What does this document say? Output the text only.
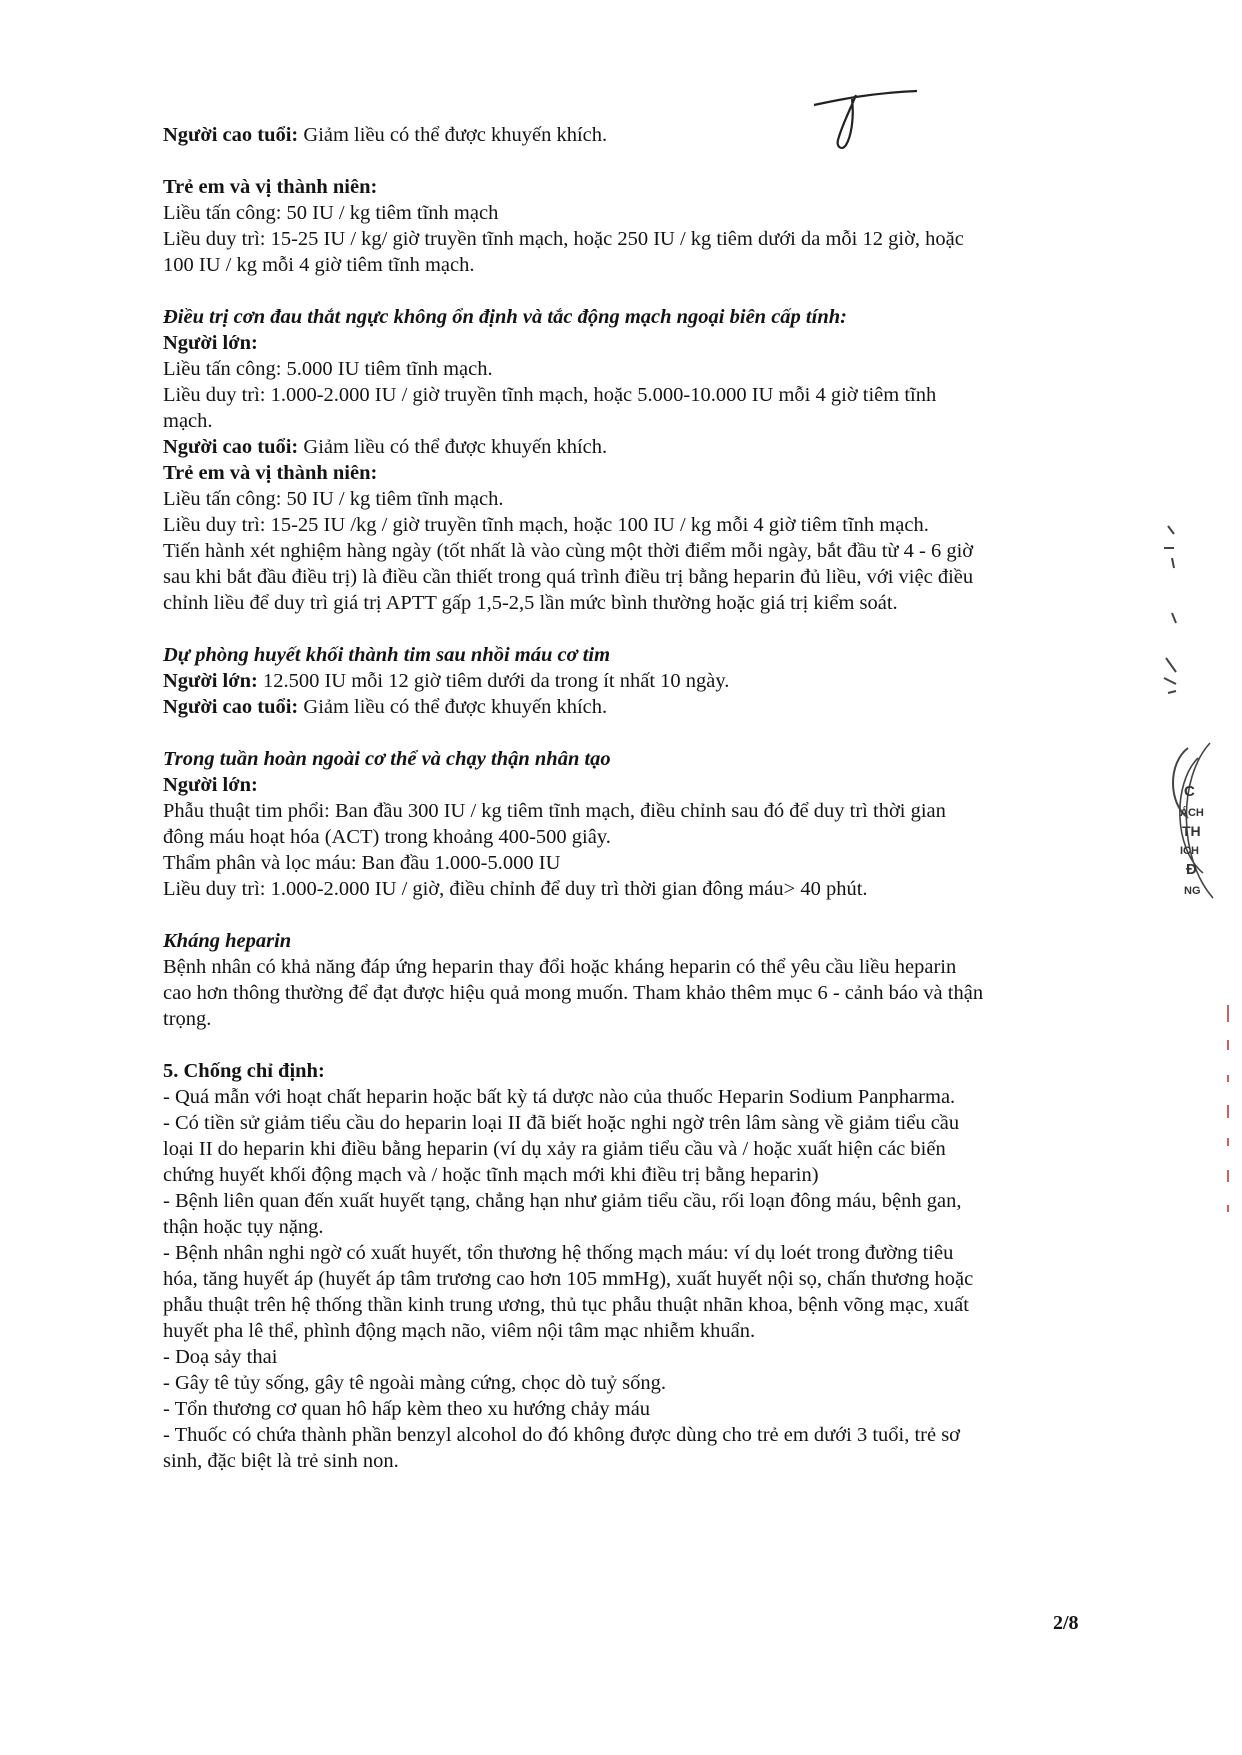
Người cao tuổi: Giảm liều có thể được khuyến khích.

Trẻ em và vị thành niên:

Liều tấn công: 50 IU / kg tiêm tĩnh mạch

Liều duy trì: 15-25 IU / kg/ giờ truyền tĩnh mạch, hoặc 250 IU / kg tiêm dưới da mỗi 12 giờ, hoặc

100 IU / kg mỗi 4 giờ tiêm tĩnh mạch.

Điều trị cơn đau thắt ngực không ổn định và tắc động mạch ngoại biên cấp tính:

Người lớn:

Liều tấn công: 5.000 IU tiêm tĩnh mạch.

Liều duy trì: 1.000-2.000 IU / giờ truyền tĩnh mạch, hoặc 5.000-10.000 IU mỗi 4 giờ tiêm tĩnh

mạch.

Người cao tuổi: Giảm liều có thể được khuyến khích.

Trẻ em và vị thành niên:

Liều tấn công: 50 IU / kg tiêm tĩnh mạch.

Liều duy trì: 15-25 IU /kg / giờ truyền tĩnh mạch, hoặc 100 IU / kg mỗi 4 giờ tiêm tĩnh mạch.

Tiến hành xét nghiệm hàng ngày (tốt nhất là vào cùng một thời điểm mỗi ngày, bắt đầu từ 4 - 6 giờ

sau khi bắt đầu điều trị) là điều cần thiết trong quá trình điều trị bằng heparin đủ liều, với việc điều

chỉnh liều để duy trì giá trị APTT gấp 1,5-2,5 lần mức bình thường hoặc giá trị kiểm soát.

Dự phòng huyết khối thành tim sau nhồi máu cơ tim

Người lớn: 12.500 IU mỗi 12 giờ tiêm dưới da trong ít nhất 10 ngày.

Người cao tuổi: Giảm liều có thể được khuyến khích.

Trong tuần hoàn ngoài cơ thể và chạy thận nhân tạo

Người lớn:

Phẫu thuật tim phổi: Ban đầu 300 IU / kg tiêm tĩnh mạch, điều chỉnh sau đó để duy trì thời gian

đông máu hoạt hóa (ACT) trong khoảng 400-500 giây.

Thẩm phân và lọc máu: Ban đầu 1.000-5.000 IU

Liều duy trì: 1.000-2.000 IU / giờ, điều chỉnh để duy trì thời gian đông máu> 40 phút.

Kháng heparin

Bệnh nhân có khả năng đáp ứng heparin thay đổi hoặc kháng heparin có thể yêu cầu liều heparin

cao hơn thông thường để đạt được hiệu quả mong muốn. Tham khảo thêm mục 6 - cảnh báo và thận

trọng.

5. Chống chỉ định:

- Quá mẫn với hoạt chất heparin hoặc bất kỳ tá dược nào của thuốc Heparin Sodium Panpharma.

- Có tiền sử giảm tiểu cầu do heparin loại II đã biết hoặc nghi ngờ trên lâm sàng về giảm tiểu cầu

loại II do heparin khi điều bằng heparin (ví dụ xảy ra giảm tiểu cầu và / hoặc xuất hiện các biến

chứng huyết khối động mạch và / hoặc tĩnh mạch mới khi điều trị bằng heparin)

- Bệnh liên quan đến xuất huyết tạng, chẳng hạn như giảm tiểu cầu, rối loạn đông máu, bệnh gan,

thận hoặc tụy nặng.

- Bệnh nhân nghi ngờ có xuất huyết, tổn thương hệ thống mạch máu: ví dụ loét trong đường tiêu

hóa, tăng huyết áp (huyết áp tâm trương cao hơn 105 mmHg), xuất huyết nội sọ, chấn thương hoặc

phẫu thuật trên hệ thống thần kinh trung ương, thủ tục phẫu thuật nhãn khoa, bệnh võng mạc, xuất

huyết pha lê thể, phình động mạch não, viêm nội tâm mạc nhiễm khuẩn.

- Doạ sảy thai

- Gây tê tủy sống, gây tê ngoài màng cứng, chọc dò tuỷ sống.

- Tổn thương cơ quan hô hấp kèm theo xu hướng chảy máu

- Thuốc có chứa thành phần benzyl alcohol do đó không được dùng cho trẻ em dưới 3 tuổi, trẻ sơ

sinh, đặc biệt là trẻ sinh non.

2/8
C
ÁCH
TH
ICH
Đ
NG
